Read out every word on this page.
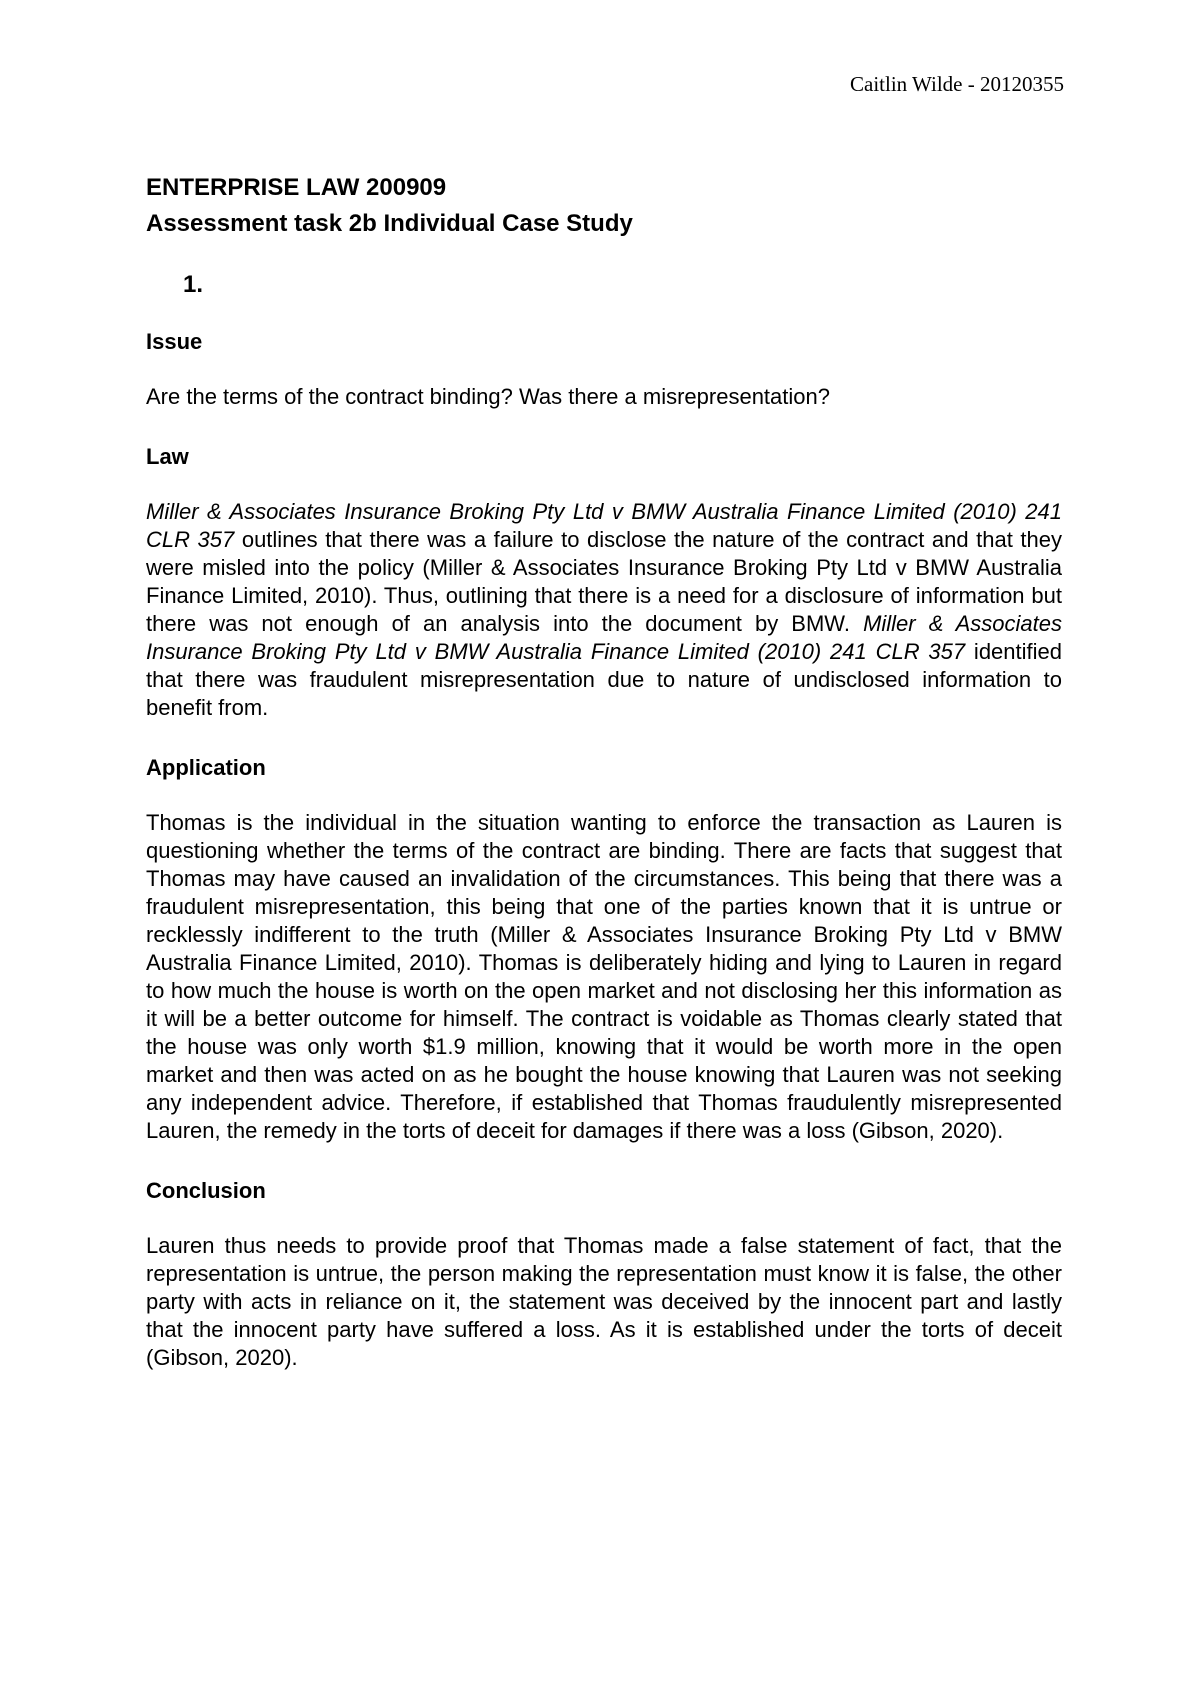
Caitlin Wilde - 20120355
ENTERPRISE LAW 200909
Assessment task 2b Individual Case Study
1.
Issue

Are the terms of the contract binding? Was there a misrepresentation?

Law

Miller & Associates Insurance Broking Pty Ltd v BMW Australia Finance Limited (2010) 241 CLR 357 outlines that there was a failure to disclose the nature of the contract and that they were misled into the policy (Miller & Associates Insurance Broking Pty Ltd v BMW Australia Finance Limited, 2010). Thus, outlining that there is a need for a disclosure of information but there was not enough of an analysis into the document by BMW. Miller & Associates Insurance Broking Pty Ltd v BMW Australia Finance Limited (2010) 241 CLR 357 identified that there was fraudulent misrepresentation due to nature of undisclosed information to benefit from.

Application

Thomas is the individual in the situation wanting to enforce the transaction as Lauren is questioning whether the terms of the contract are binding. There are facts that suggest that Thomas may have caused an invalidation of the circumstances. This being that there was a fraudulent misrepresentation, this being that one of the parties known that it is untrue or recklessly indifferent to the truth (Miller & Associates Insurance Broking Pty Ltd v BMW Australia Finance Limited, 2010). Thomas is deliberately hiding and lying to Lauren in regard to how much the house is worth on the open market and not disclosing her this information as it will be a better outcome for himself. The contract is voidable as Thomas clearly stated that the house was only worth $1.9 million, knowing that it would be worth more in the open market and then was acted on as he bought the house knowing that Lauren was not seeking any independent advice. Therefore, if established that Thomas fraudulently misrepresented Lauren, the remedy in the torts of deceit for damages if there was a loss (Gibson, 2020).

Conclusion

Lauren thus needs to provide proof that Thomas made a false statement of fact, that the representation is untrue, the person making the representation must know it is false, the other party with acts in reliance on it, the statement was deceived by the innocent part and lastly that the innocent party have suffered a loss. As it is established under the torts of deceit (Gibson, 2020).
